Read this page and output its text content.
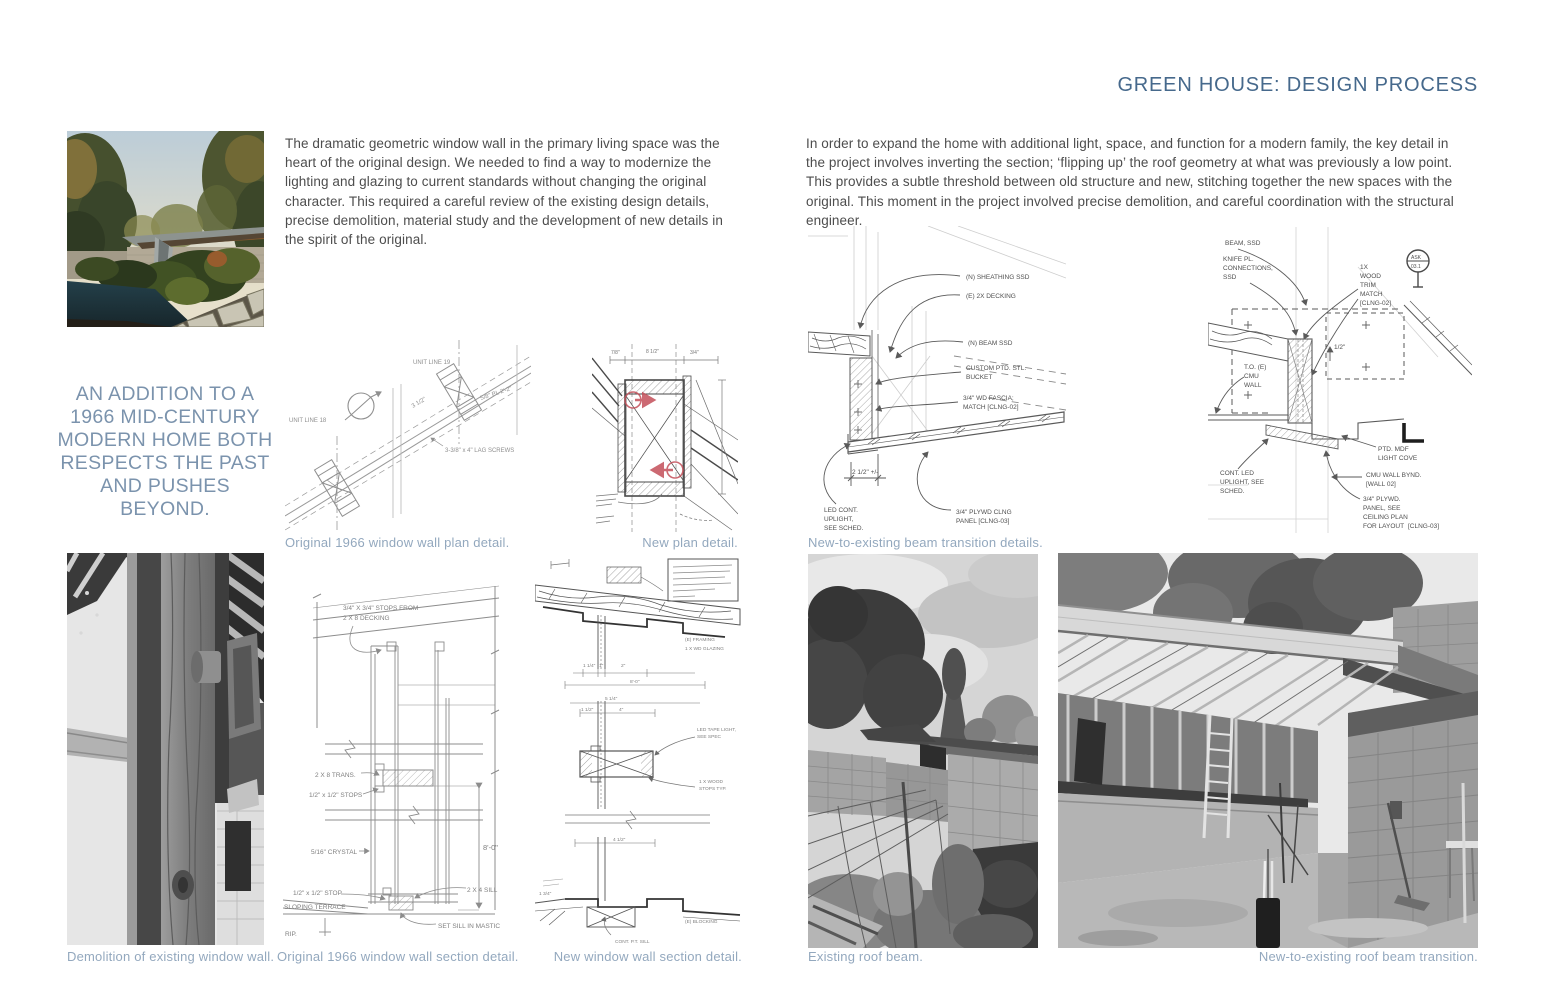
GREEN HOUSE: DESIGN PROCESS
The dramatic geometric window wall in the primary living space was the heart of the original design. We needed to find a way to modernize the lighting and glazing to current standards without changing the original character. This required a careful review of the existing design details, precise demolition, material study and the development of new details in the spirit of the original.
In order to expand the home with additional light, space, and function for a modern family, the key detail in the project involves inverting the section; ‘flipping up’ the roof geometry at what was previously a low point. This provides a subtle threshold between old structure and new, stitching together the new spaces with the original. This moment in the project involved precise demolition, and careful coordination with the structural engineer.
AN ADDITION TO A
1966 MID-CENTURY
MODERN HOME BOTH
RESPECTS THE PAST
AND PUSHES BEYOND.
UNIT LINE 19
UNIT LINE 18
3 1/2"
5/8" PL 2'-2"
3-3/8" x 4" LAG SCREWS
Original 1966 window wall plan detail.
7/8"	8 1/2"	3/4"
New plan detail.
(N) SHEATHING SSD
(E) 2X DECKING
(N) BEAM SSD
CUSTOM PTD. STL.
BUCKET
3/4" WD FASCIA;
MATCH [CLNG-02]
2 1/2" +/-
LED CONT.
UPLIGHT,
SEE SCHED.
3/4" PLYWD CLNG
PANEL [CLNG-03]
New-to-existing beam transition details.
BEAM, SSD
KNIFE PL.
CONNECTIONS,
SSD
1X
WOOD
TRIM
MATCH
[CLNG-02]
1/2"
T.O. (E)
CMU
WALL
PTD. MDF
LIGHT COVE
CONT. LED
UPLIGHT, SEE
SCHED.
CMU WALL BYND.
[WALL 02]
3/4" PLYWD.
PANEL, SEE
CEILING PLAN
FOR LAYOUT [CLNG-03]
ASK
03.1
Demolition of existing window wall.
3/4" X 3/4" STOPS FROM
2 X 8 DECKING
2 X 8 TRANS.
1/2" x 1/2" STOPS
5/16" CRYSTAL
8'-0"
1/2" x 1/2" STOP
SLOPING TERRACE
2 X 4 SILL
SET SILL IN MASTIC
RIP.
Original 1966 window wall section detail.
(E) FRAMING
1 X WD GLAZING
LED TAPE LIGHT,
SEE SPEC
1 X WOOD
STOPS TYP.
(E) BLOCKING
CONT. P.T. SILL
1 3/4"
1 1/4" 1"	2"
5 1/4"
4"
1 1/2"
4 1/2"
8'-0"
New window wall section detail.	Existing roof beam.	New-to-existing roof beam transition.
